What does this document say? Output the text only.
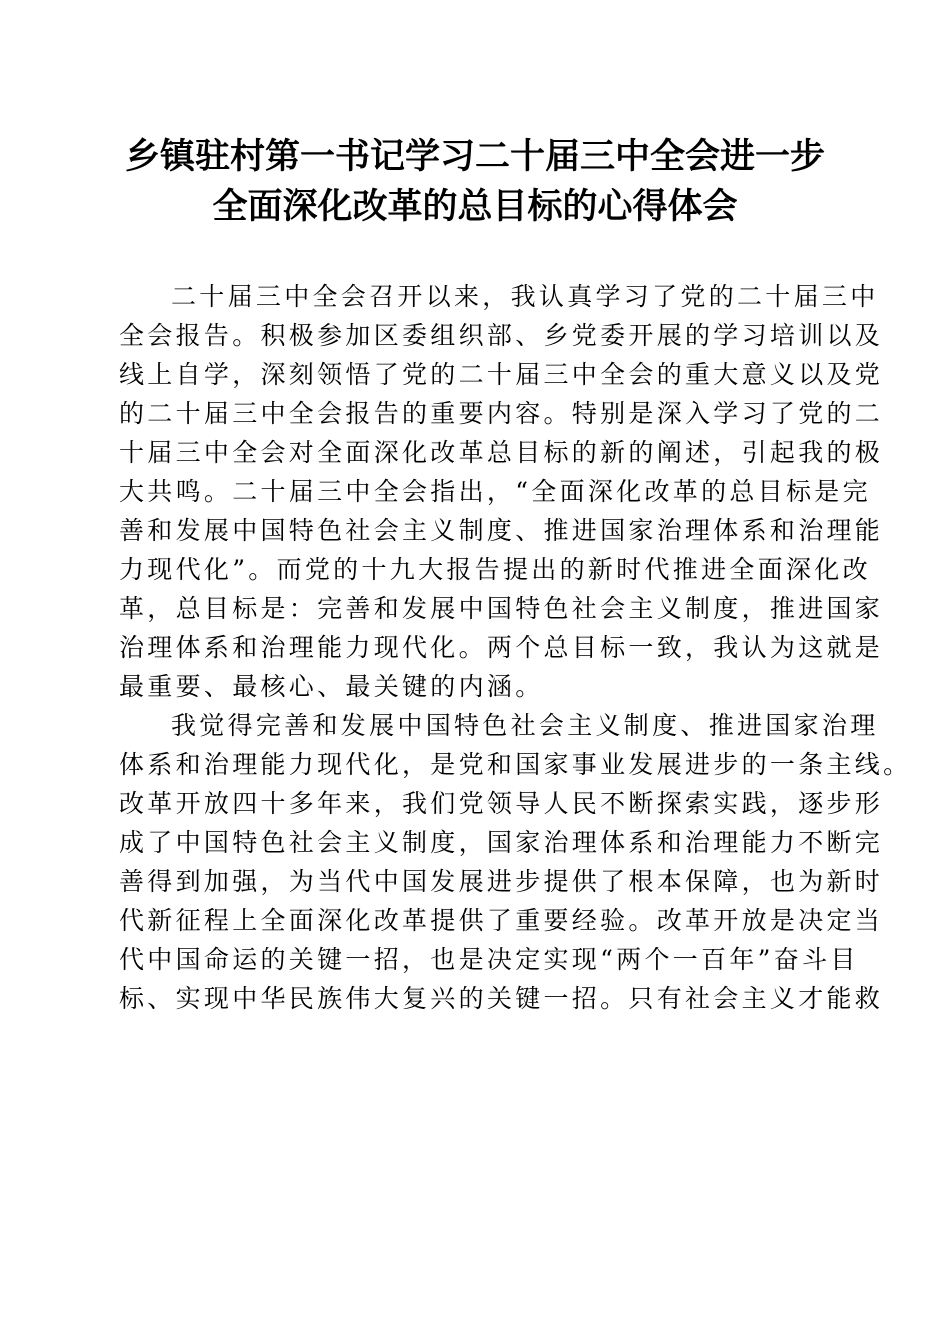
乡镇驻村第一书记学习二十届三中全会进一步
全面深化改革的总目标的心得体会
二十届三中全会召开以来，我认真学习了党的二十届三中
全会报告。积极参加区委组织部、乡党委开展的学习培训以及
线上自学，深刻领悟了党的二十届三中全会的重大意义以及党
的二十届三中全会报告的重要内容。特别是深入学习了党的二
十届三中全会对全面深化改革总目标的新的阐述，引起我的极
大共鸣。二十届三中全会指出，“全面深化改革的总目标是完
善和发展中国特色社会主义制度、推进国家治理体系和治理能
力现代化”。而党的十九大报告提出的新时代推进全面深化改
革，总目标是：完善和发展中国特色社会主义制度，推进国家
治理体系和治理能力现代化。两个总目标一致，我认为这就是
最重要、最核心、最关键的内涵。
我觉得完善和发展中国特色社会主义制度、推进国家治理
体系和治理能力现代化，是党和国家事业发展进步的一条主线。
改革开放四十多年来，我们党领导人民不断探索实践，逐步形
成了中国特色社会主义制度，国家治理体系和治理能力不断完
善得到加强，为当代中国发展进步提供了根本保障，也为新时
代新征程上全面深化改革提供了重要经验。改革开放是决定当
代中国命运的关键一招，也是决定实现“两个一百年”奋斗目
标、实现中华民族伟大复兴的关键一招。只有社会主义才能救
